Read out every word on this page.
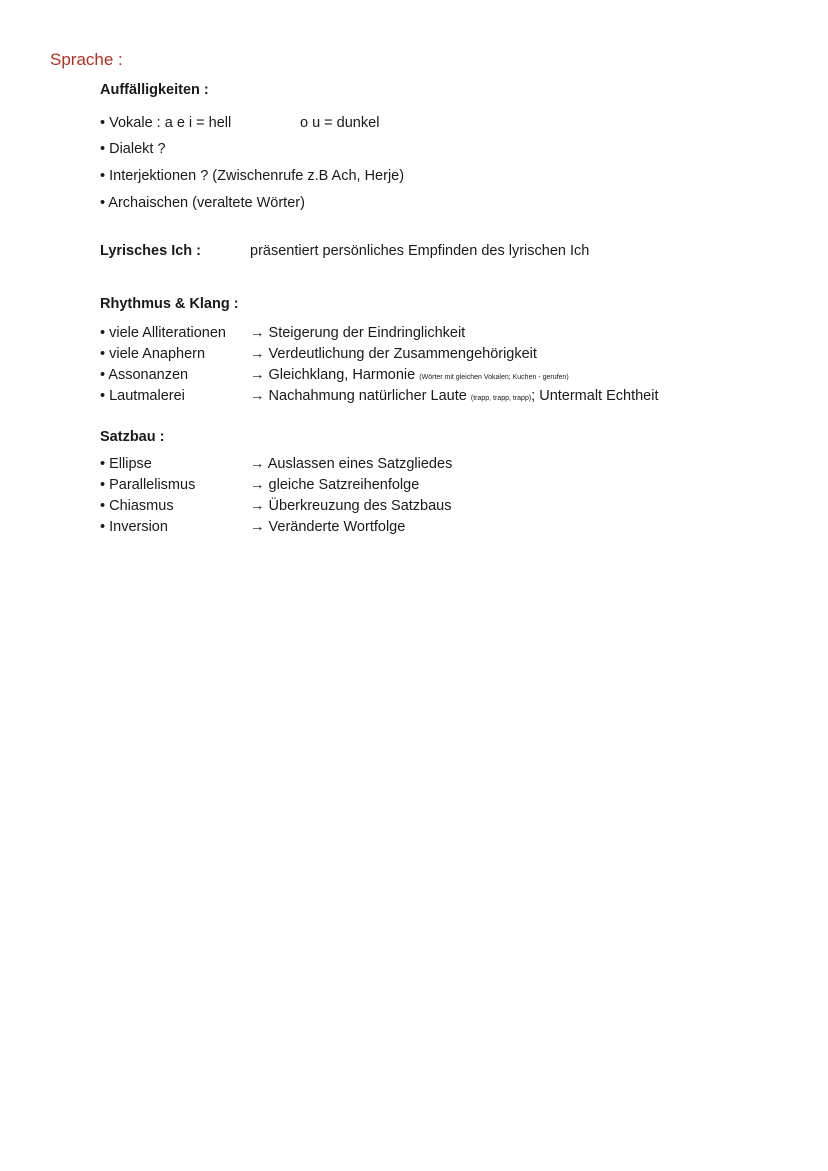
Sprache :
Auffälligkeiten :
• Vokale : a e i = hell	o u = dunkel
• Dialekt ?
• Interjektionen ? (Zwischenrufe z.B Ach, Herje)
• Archaischen (veraltete Wörter)
Lyrisches Ich :	präsentiert persönliches Empfinden des lyrischen Ich
Rhythmus & Klang :
• viele Alliterationen → Steigerung der Eindringlichkeit
• viele Anaphern	→ Verdeutlichung der Zusammengehörigkeit
• Assonanzen	→ Gleichklang, Harmonie (Wörter mit gleichen Vokalen; Kuchen - gerufen)
• Lautmalerei	→ Nachahmung natürlicher Laute (trapp, trapp, trapp); Untermalt Echtheit
Satzbau :
• Ellipse	→ Auslassen eines Satzgliedes
• Parallelismus	→ gleiche Satzreihenfolge
• Chiasmus	→ Überkreuzung des Satzbaus
• Inversion	→ Veränderte Wortfolge
